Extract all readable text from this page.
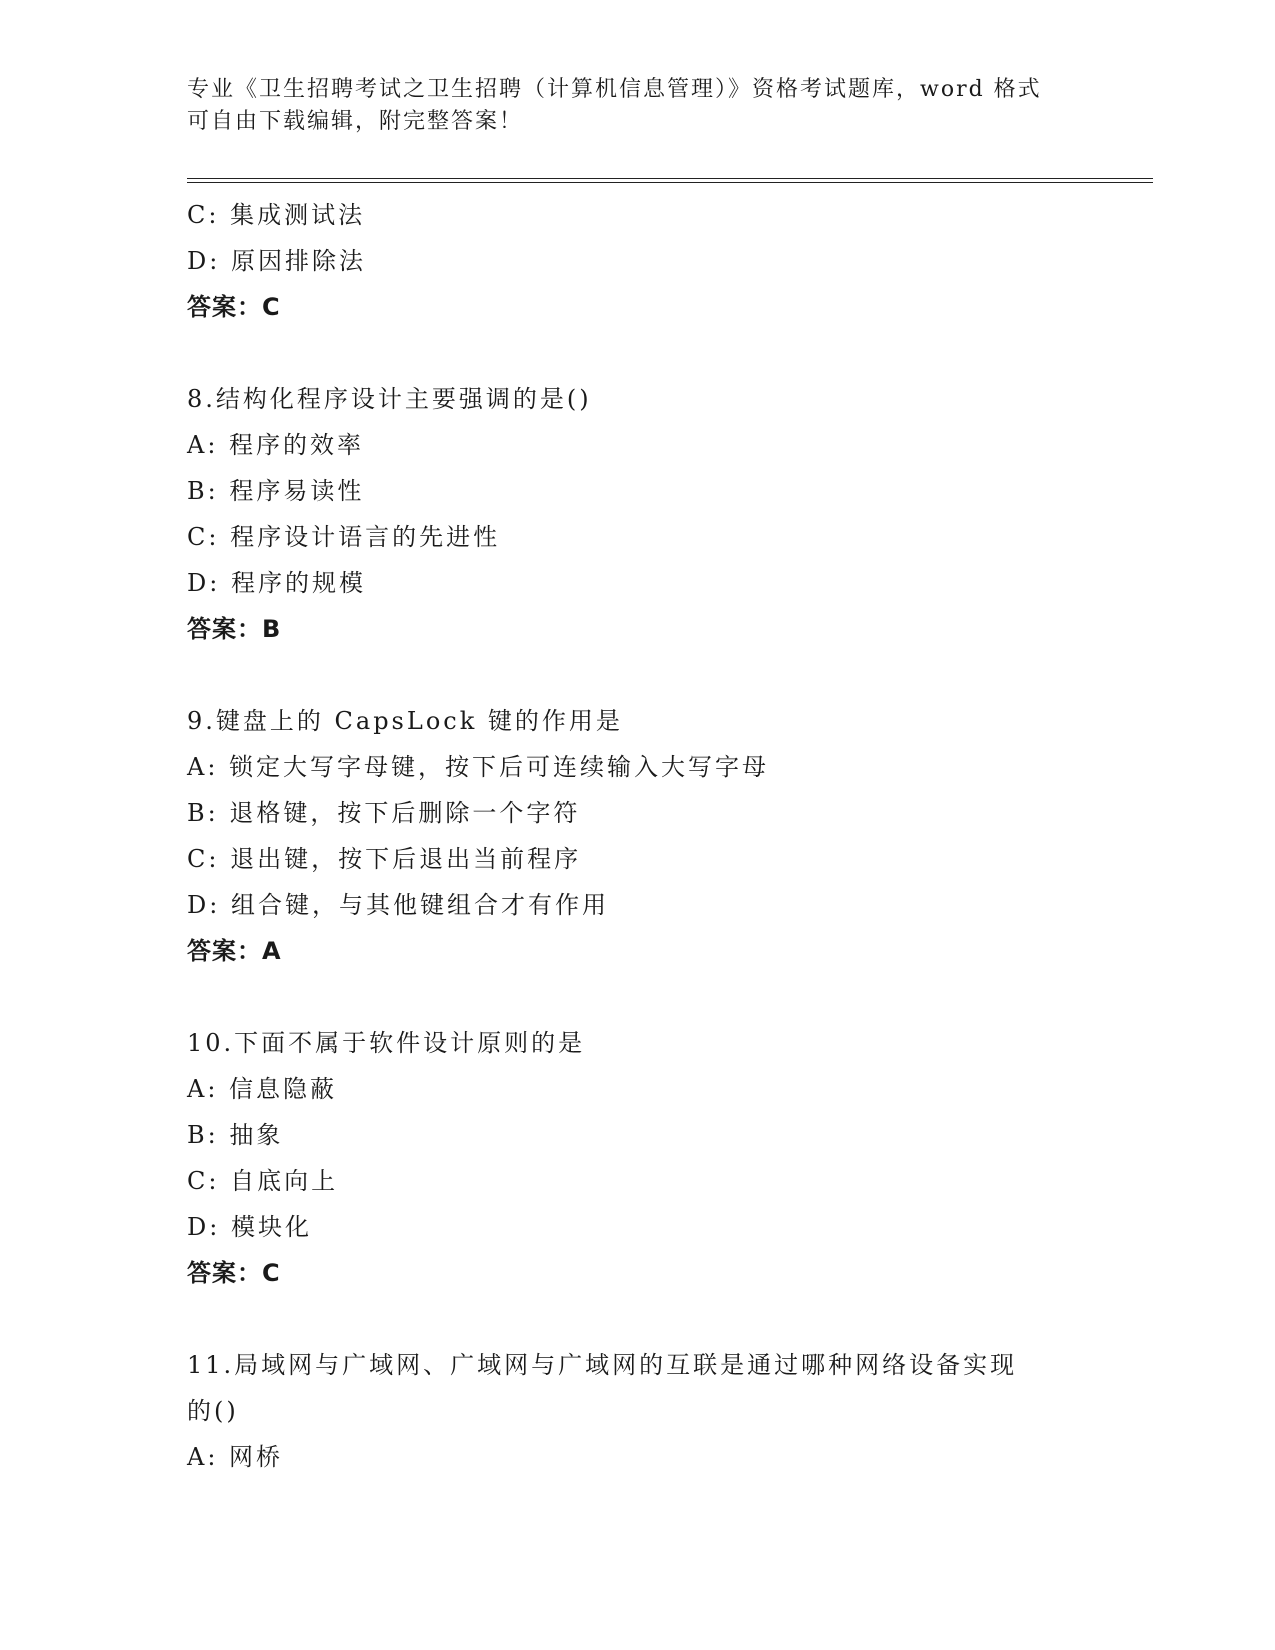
专业《卫生招聘考试之卫生招聘（计算机信息管理）》资格考试题库，word 格式
可自由下载编辑，附完整答案！
C: 集成测试法
D: 原因排除法
答案：C
8.结构化程序设计主要强调的是()
A: 程序的效率
B: 程序易读性
C: 程序设计语言的先进性
D: 程序的规模
答案：B
9.键盘上的 CapsLock 键的作用是
A: 锁定大写字母键，按下后可连续输入大写字母
B: 退格键，按下后删除一个字符
C: 退出键，按下后退出当前程序
D: 组合键，与其他键组合才有作用
答案：A
10.下面不属于软件设计原则的是
A: 信息隐蔽
B: 抽象
C: 自底向上
D: 模块化
答案：C
11.局域网与广域网、广域网与广域网的互联是通过哪种网络设备实现
的()
A: 网桥
